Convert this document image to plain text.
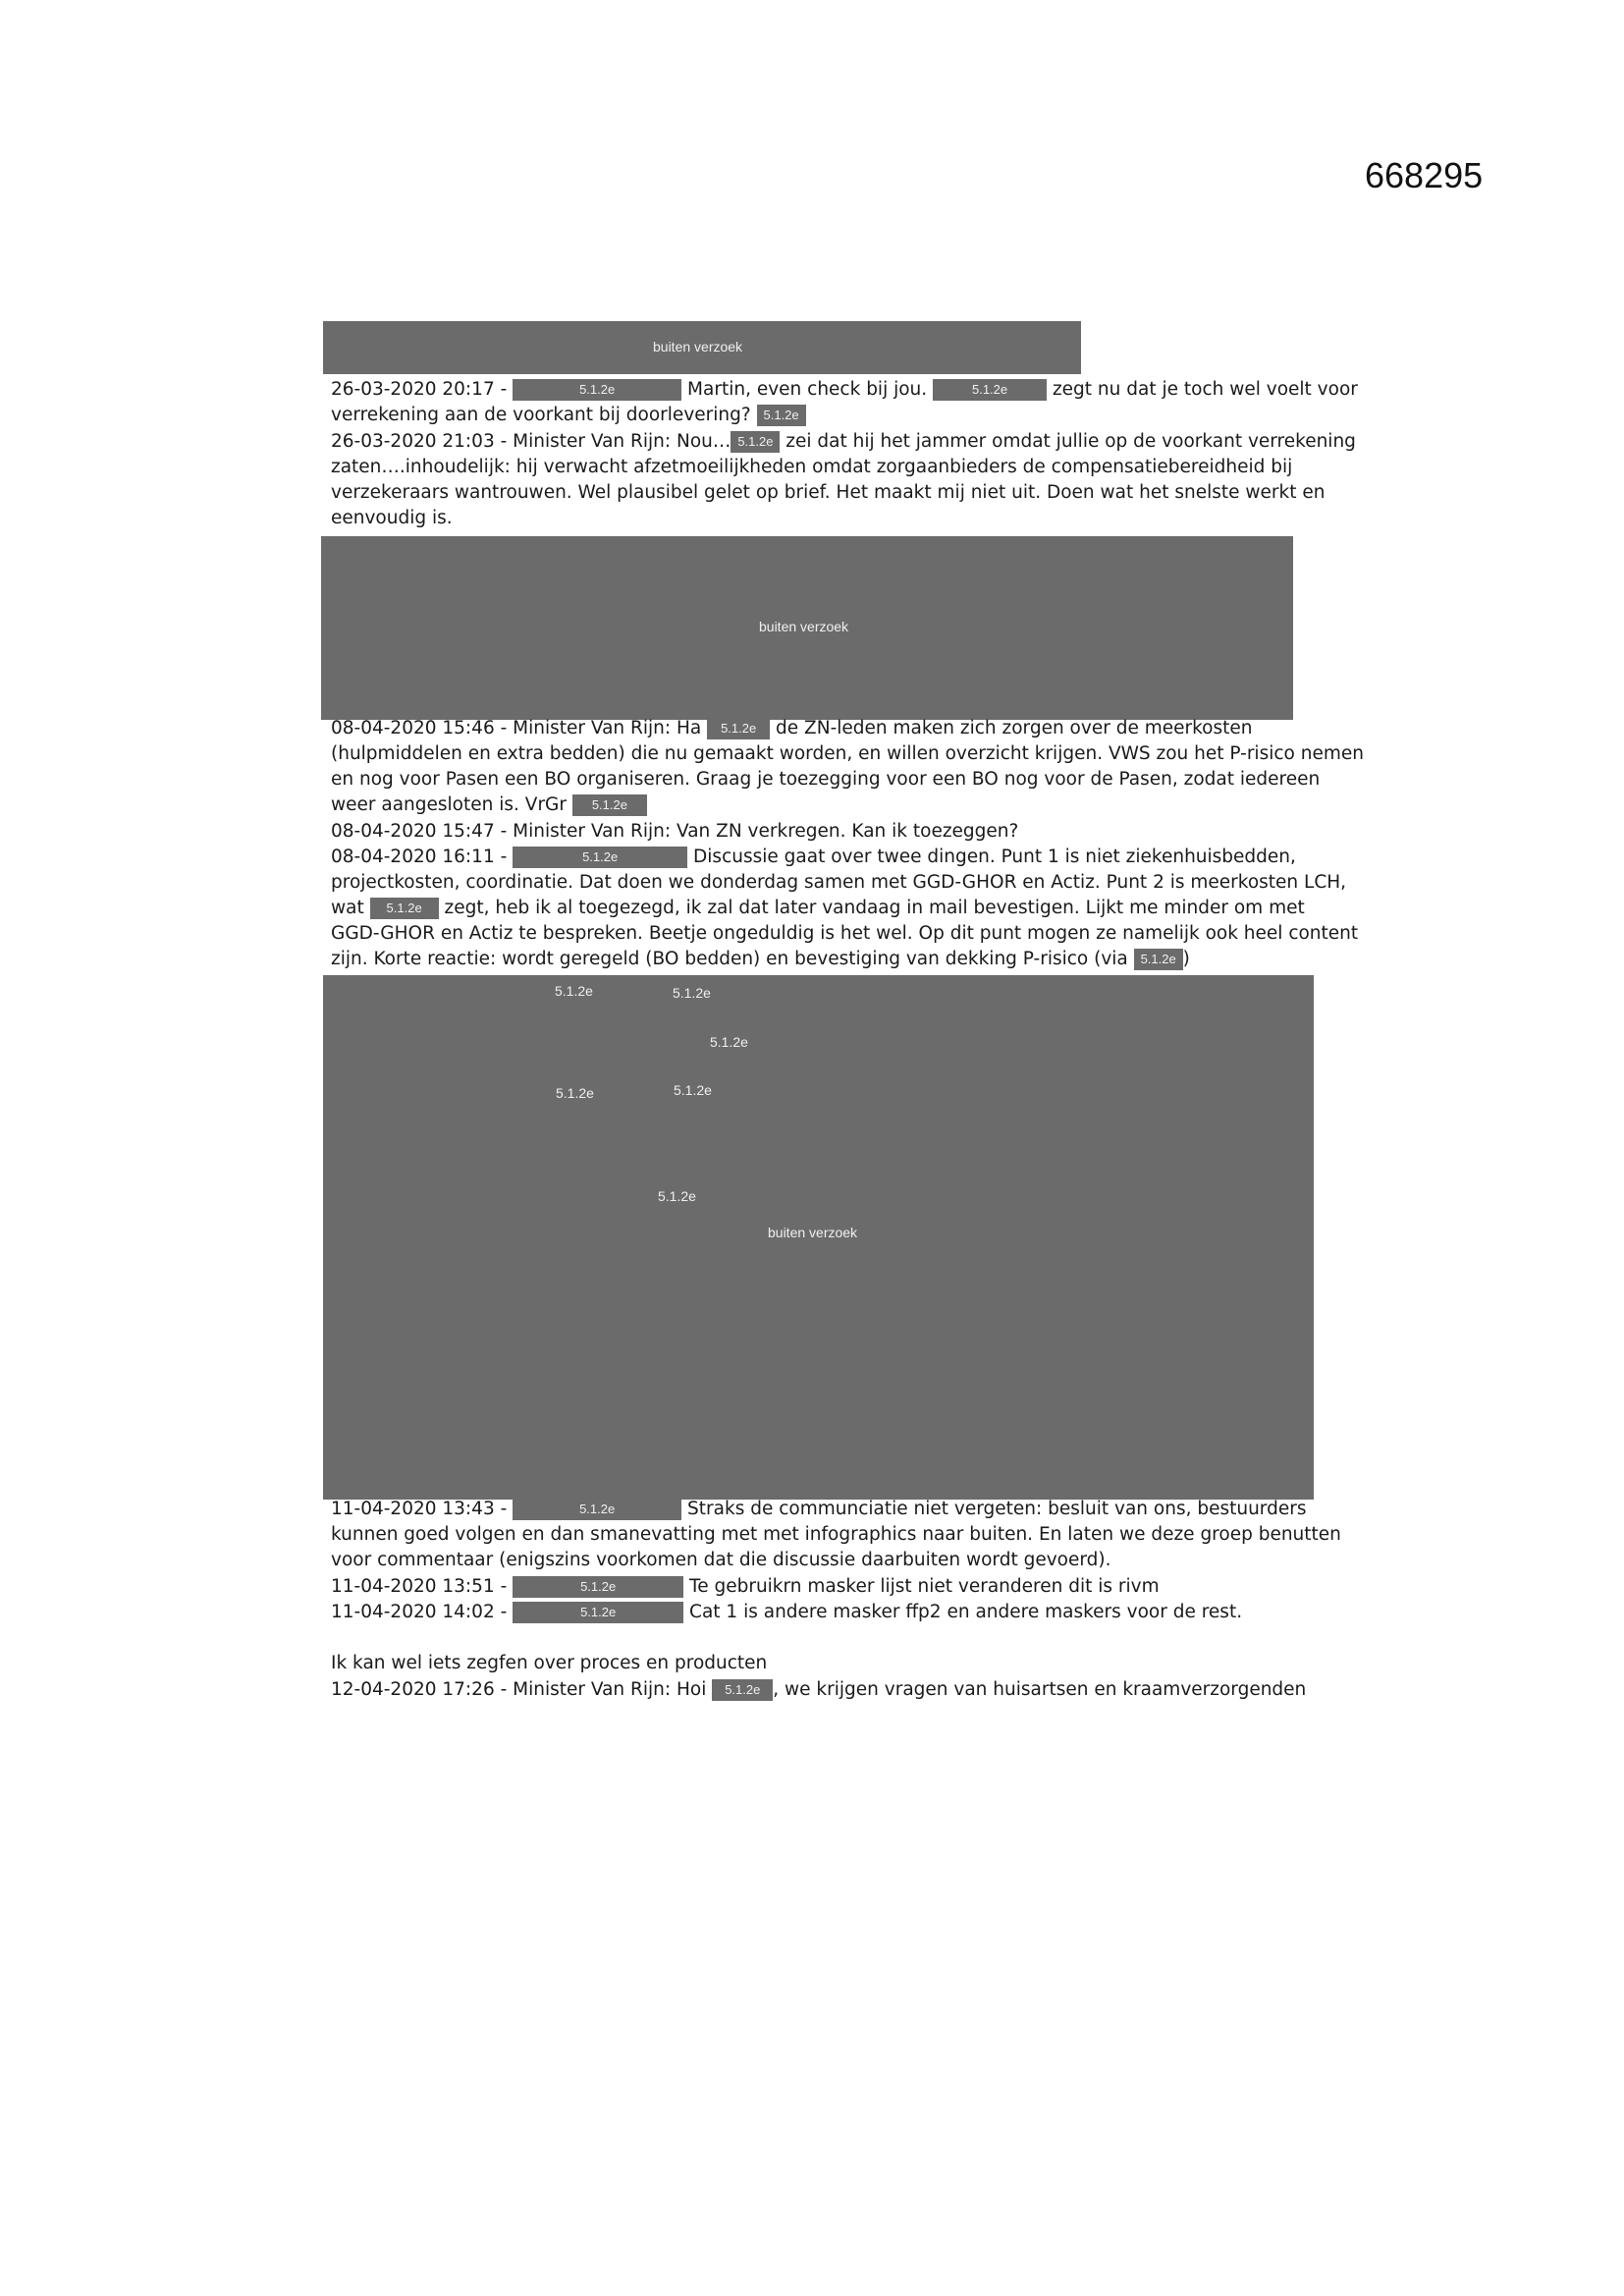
668295
buiten verzoek
26-03-2020 20:17 -	5.1.2e	Martin, even check bij jou.	5.1.2e zegt nu dat je toch wel voelt voor
verrekening aan de voorkant bij doorlevering? 5.1.2e
26-03-2020 21:03 - Minister Van Rijn: Nou… 5.1.2e zei dat hij het jammer omdat jullie op de voorkant verrekening
zaten….inhoudelijk: hij verwacht afzetmoeilijkheden omdat zorgaanbieders de compensatiebereidheid bij
verzekeraars wantrouwen. Wel plausibel gelet op brief. Het maakt mij niet uit. Doen wat het snelste werkt en
eenvoudig is.
buiten verzoek
08-04-2020 15:46 - Minister Van Rijn: Ha 5.1.2e de ZN-leden maken zich zorgen over de meerkosten
(hulpmiddelen en extra bedden) die nu gemaakt worden, en willen overzicht krijgen. VWS zou het P-risico nemen
en nog voor Pasen een BO organiseren. Graag je toezegging voor een BO nog voor de Pasen, zodat iedereen
weer aangesloten is. VrGr 5.1.2e
08-04-2020 15:47 - Minister Van Rijn: Van ZN verkregen. Kan ik toezeggen?
08-04-2020 16:11 -	5.1.2e	Discussie gaat over twee dingen. Punt 1 is niet ziekenhuisbedden,
projectkosten, coordinatie. Dat doen we donderdag samen met GGD-GHOR en Actiz. Punt 2 is meerkosten LCH,
wat 5.1.2e zegt, heb ik al toegezegd, ik zal dat later vandaag in mail bevestigen. Lijkt me minder om met
GGD-GHOR en Actiz te bespreken. Beetje ongeduldig is het wel. Op dit punt mogen ze namelijk ook heel content
zijn. Korte reactie: wordt geregeld (BO bedden) en bevestiging van dekking P-risico (via 5.1.2e )
5.1.2e	5.1.2e
5.1.2e
5.1.2e	5.1.2e
5.1.2e
buiten verzoek
11-04-2020 13:43 -	5.1.2e	Straks de communciatie niet vergeten: besluit van ons, bestuurders
kunnen goed volgen en dan smanevatting met met infographics naar buiten. En laten we deze groep benutten
voor commentaar (enigszins voorkomen dat die discussie daarbuiten wordt gevoerd).
11-04-2020 13:51 -	5.1.2e	Te gebruikrn masker lijst niet veranderen dit is rivm
11-04-2020 14:02 -	5.1.2e	Cat 1 is andere masker ffp2 en andere maskers voor de rest.
Ik kan wel iets zegfen over proces en producten
12-04-2020 17:26 - Minister Van Rijn: Hoi 5.1.2e , we krijgen vragen van huisartsen en kraamverzorgenden
